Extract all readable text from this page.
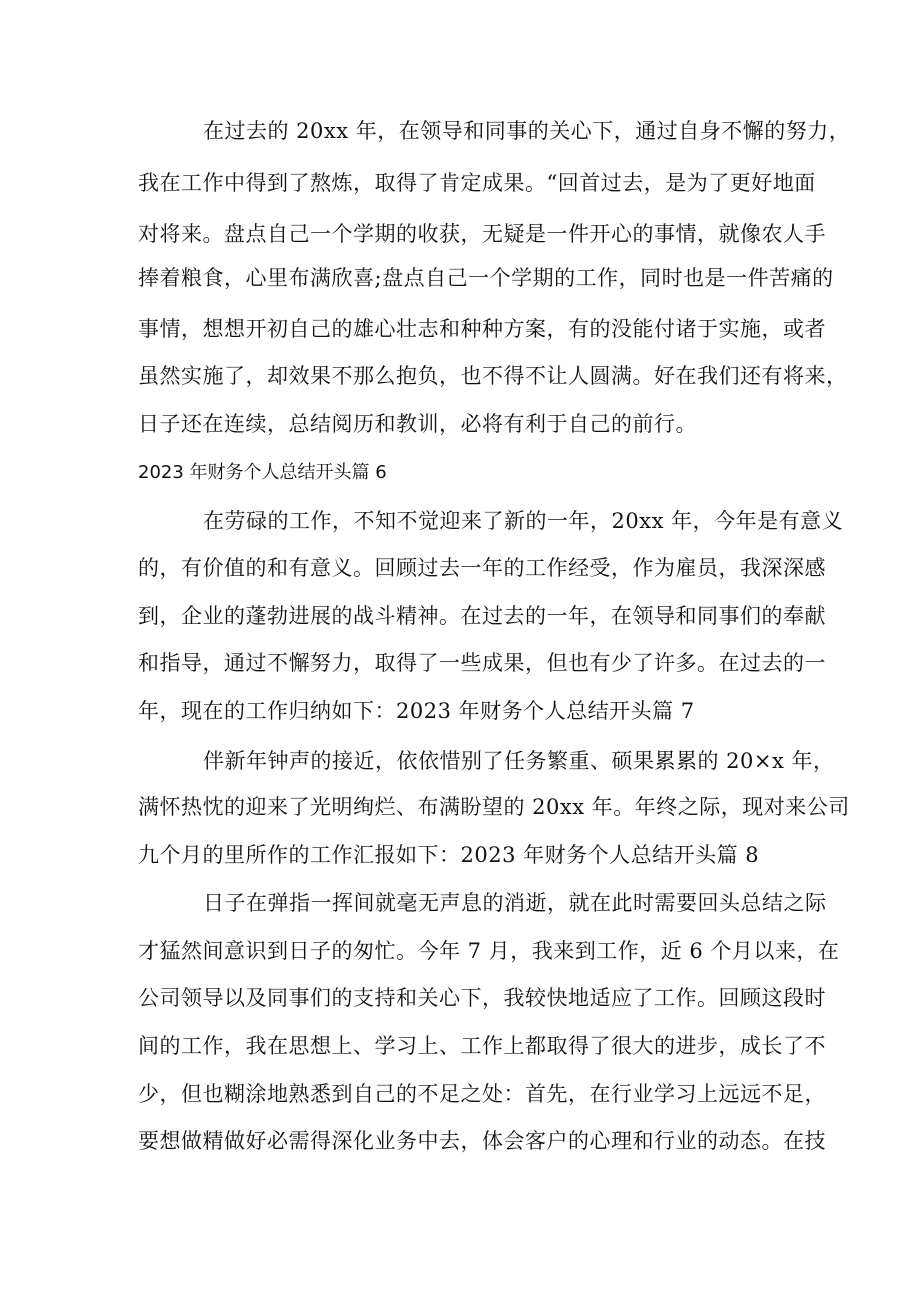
在过去的 20xx 年，在领导和同事的关心下，通过自身不懈的努力，
我在工作中得到了熬炼，取得了肯定成果。“回首过去，是为了更好地面
对将来。盘点自己一个学期的收获，无疑是一件开心的事情，就像农人手
捧着粮食，心里布满欣喜;盘点自己一个学期的工作，同时也是一件苦痛的
事情，想想开初自己的雄心壮志和种种方案，有的没能付诸于实施，或者
虽然实施了，却效果不那么抱负，也不得不让人圆满。好在我们还有将来，
日子还在连续，总结阅历和教训，必将有利于自己的前行。
2023 年财务个人总结开头篇 6
在劳碌的工作，不知不觉迎来了新的一年，20xx 年，今年是有意义
的，有价值的和有意义。回顾过去一年的工作经受，作为雇员，我深深感
到，企业的蓬勃进展的战斗精神。在过去的一年，在领导和同事们的奉献
和指导，通过不懈努力，取得了一些成果，但也有少了许多。在过去的一
年，现在的工作归纳如下：2023 年财务个人总结开头篇 7
伴新年钟声的接近，依依惜别了任务繁重、硕果累累的 20×x 年，
满怀热忱的迎来了光明绚烂、布满盼望的 20xx 年。年终之际，现对来公司
九个月的里所作的工作汇报如下：2023 年财务个人总结开头篇 8
日子在弹指一挥间就毫无声息的消逝，就在此时需要回头总结之际
才猛然间意识到日子的匆忙。今年 7 月，我来到工作，近 6 个月以来，在
公司领导以及同事们的支持和关心下，我较快地适应了工作。回顾这段时
间的工作，我在思想上、学习上、工作上都取得了很大的进步，成长了不
少，但也糊涂地熟悉到自己的不足之处：首先，在行业学习上远远不足，
要想做精做好必需得深化业务中去，体会客户的心理和行业的动态。在技
